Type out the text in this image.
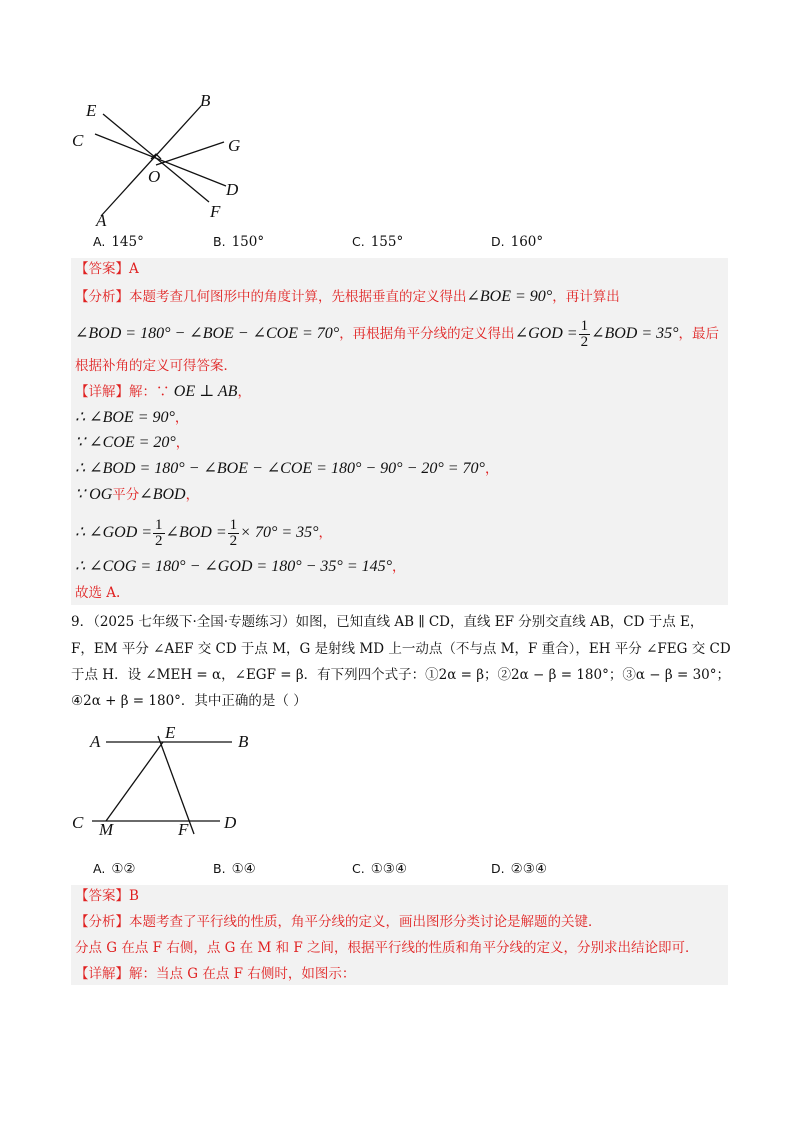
E
B
C	G
O
D
A	F
A. 145°	B. 150°	C. 155°	D. 160°
【答案】A
【分析】本题考查几何图形中的角度计算，先根据垂直的定义得出∠BOE = 90°，再计算出
∠BOD = 180° − ∠BOE − ∠COE = 70°，再根据角平分线的定义得出∠GOD = $\frac{1}{2}$ ∠BOD = 35°，最后
根据补角的定义可得答案．
【详解】解：∵ OE ⊥ AB，
∴ ∠BOE = 90°，
∵ ∠COE = 20°，
∴ ∠BOD = 180° − ∠BOE − ∠COE = 180° − 90° − 20° = 70°，
∵ OG平分∠BOD，
∴ ∠GOD = $\frac{1}{2}$ ∠BOD = $\frac{1}{2} \times 70^\circ = 35^\circ$，
∴ ∠COG = 180° − ∠GOD = 180° − 35° = 145°，
故选 A.
9．（2025 七年级下·全国·专题练习）如图，已知直线 AB ∥ CD，直线 EF 分别交直线 AB，CD 于点 E，
F，EM 平分 ∠AEF 交 CD 于点 M，G 是射线 MD 上一动点（不与点 M，F 重合），EH 平分 ∠FEG 交 CD
于点 H．设 ∠MEH = α，∠EGF = β．有下列四个式子：①2α = β；②2α − β = 180°；③α − β = 30°；
④2α + β = 180°．其中正确的是（ ）
A	E	B
C M	F D
A. ①②	B. ①④	C. ①③④	D. ②③④
【答案】B
【分析】本题考查了平行线的性质，角平分线的定义，画出图形分类讨论是解题的关键．
分点 G 在点 F 右侧，点 G 在 M 和 F 之间，根据平行线的性质和角平分线的定义，分别求出结论即可．
【详解】解：当点 G 在点 F 右侧时，如图示：
